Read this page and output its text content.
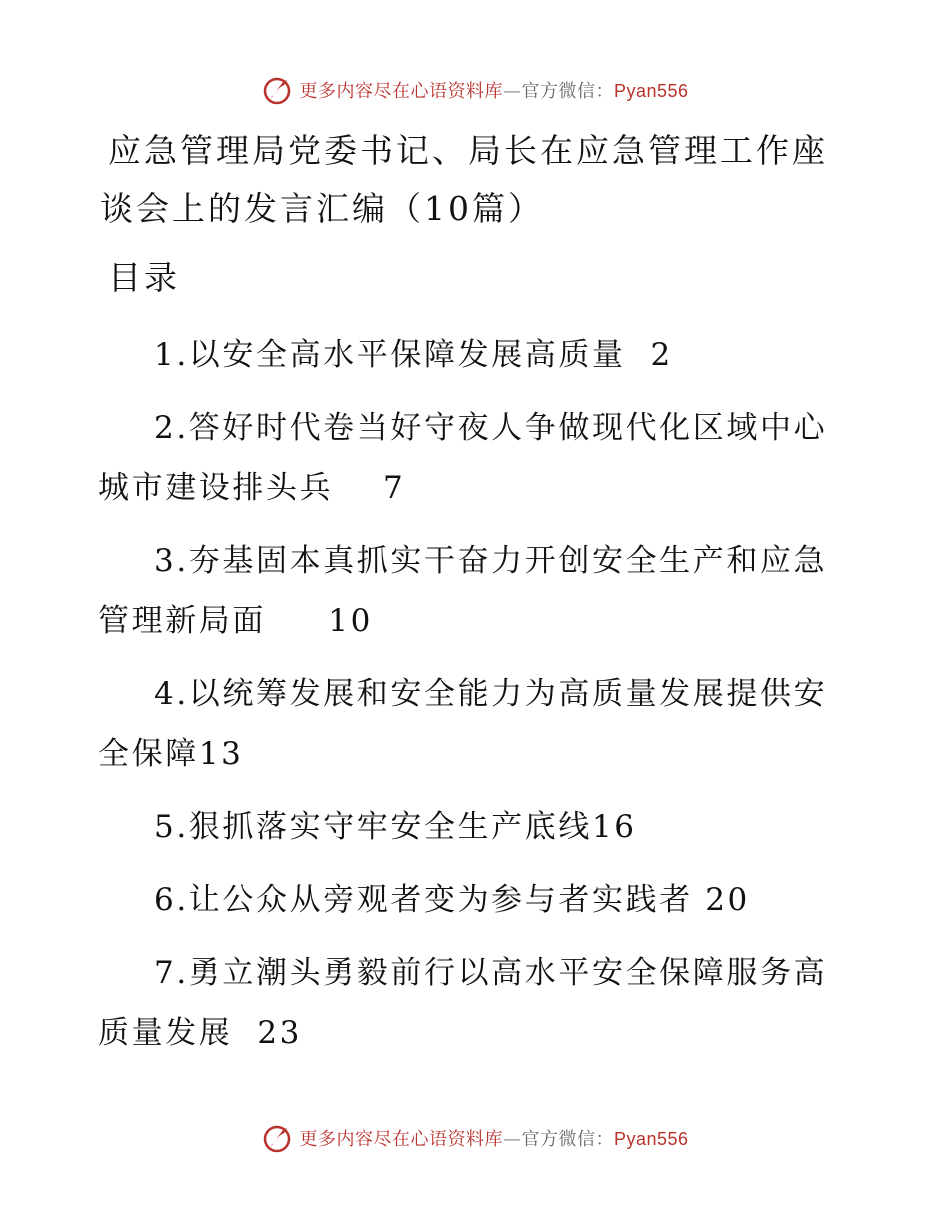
更多内容尽在心语资料库—官方微信：Pyan556
应急管理局党委书记、局长在应急管理工作座谈会上的发言汇编（10篇）
目录

1.以安全高水平保障发展高质量  2

2.答好时代卷当好守夜人争做现代化区域中心城市建设排头兵    7

3.夯基固本真抓实干奋力开创安全生产和应急管理新局面     10

4.以统筹发展和安全能力为高质量发展提供安全保障13

5.狠抓落实守牢安全生产底线16

6.让公众从旁观者变为参与者实践者 20

7.勇立潮头勇毅前行以高水平安全保障服务高质量发展  23

更多内容尽在心语资料库—官方微信：Pyan556
